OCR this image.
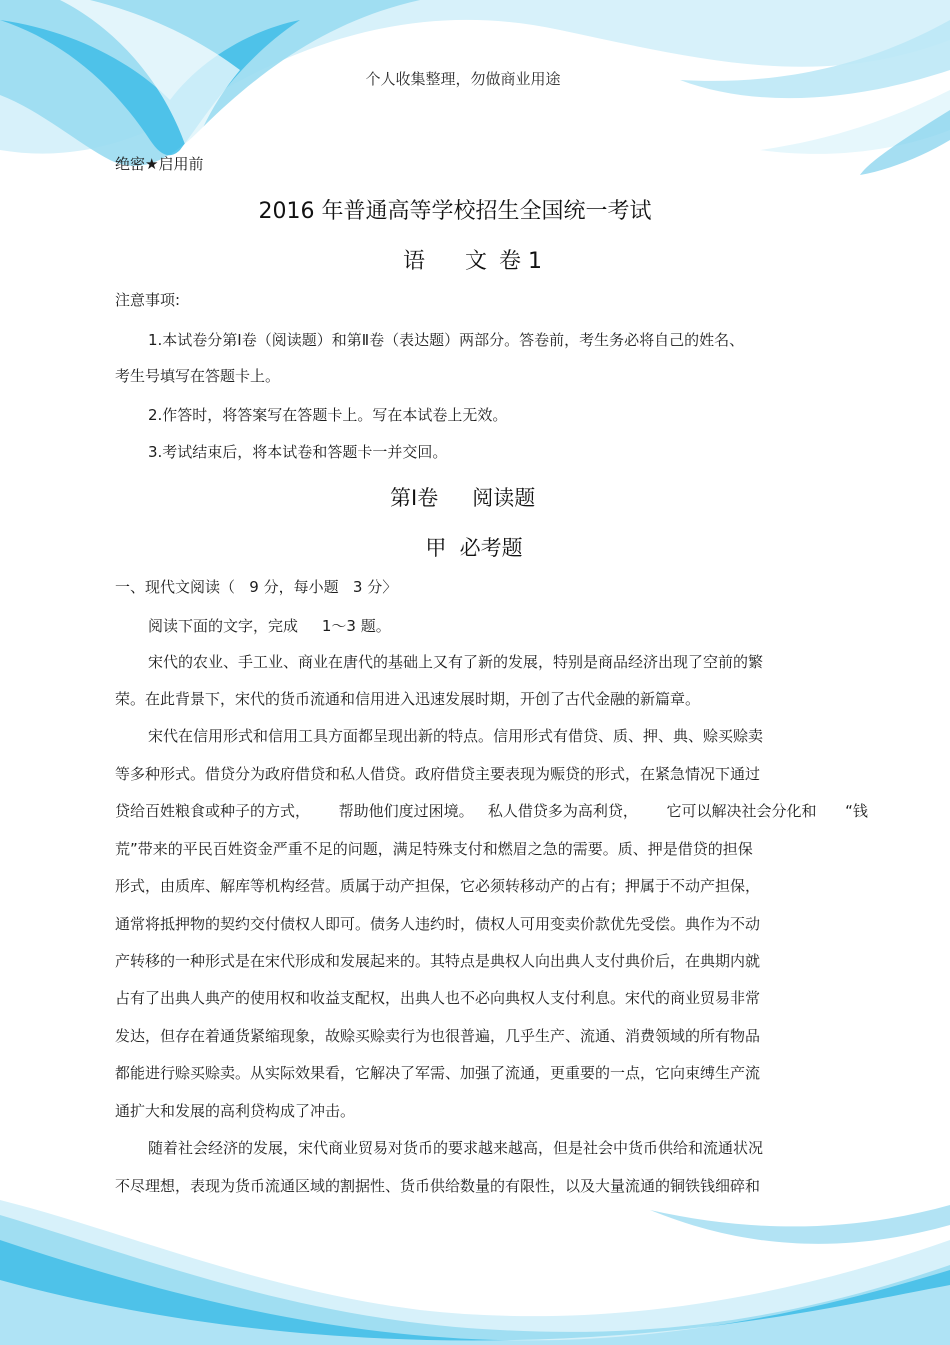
个人收集整理，勿做商业用途
绝密★启用前
2016 年普通高等学校招生全国统一考试
语 文 卷 1
注意事项:
1.本试卷分第Ⅰ卷（阅读题）和第Ⅱ卷（表达题）两部分。答卷前，考生务必将自己的姓名、
考生号填写在答题卡上。
2.作答时，将答案写在答题卡上。写在本试卷上无效。
3.考试结束后，将本试卷和答题卡一并交回。
第Ⅰ卷 阅读题
甲  必考题
一、现代文阅读（   9 分，每小题   3 分〉
阅读下面的文字，完成     1～3 题。
宋代的农业、手工业、商业在唐代的基础上又有了新的发展，特别是商品经济出现了空前的繁
荣。在此背景下，宋代的货币流通和信用进入迅速发展时期，开创了古代金融的新篇章。
宋代在信用形式和信用工具方面都呈现出新的特点。信用形式有借贷、质、押、典、赊买赊卖
等多种形式。借贷分为政府借贷和私人借贷。政府借贷主要表现为赈贷的形式，在紧急情况下通过
贷给百姓粮食或种子的方式，      帮助他们度过困境。   私人借贷多为高利贷，      它可以解决社会分化和      “钱
荒”带来的平民百姓资金严重不足的问题，满足特殊支付和燃眉之急的需要。质、押是借贷的担保
形式，由质库、解库等机构经营。质属于动产担保，它必须转移动产的占有；押属于不动产担保，
通常将抵押物的契约交付债权人即可。债务人违约时，债权人可用变卖价款优先受偿。典作为不动
产转移的一种形式是在宋代形成和发展起来的。其特点是典权人向出典人支付典价后，在典期内就
占有了出典人典产的使用权和收益支配权，出典人也不必向典权人支付利息。宋代的商业贸易非常
发达，但存在着通货紧缩现象，故赊买赊卖行为也很普遍，几乎生产、流通、消费领域的所有物品
都能进行赊买赊卖。从实际效果看，它解决了军需、加强了流通，更重要的一点，它向束缚生产流
通扩大和发展的高利贷构成了冲击。
随着社会经济的发展，宋代商业贸易对货币的要求越来越高，但是社会中货币供给和流通状况
不尽理想，表现为货币流通区域的割据性、货币供给数量的有限性，以及大量流通的铜铁钱细碎和
